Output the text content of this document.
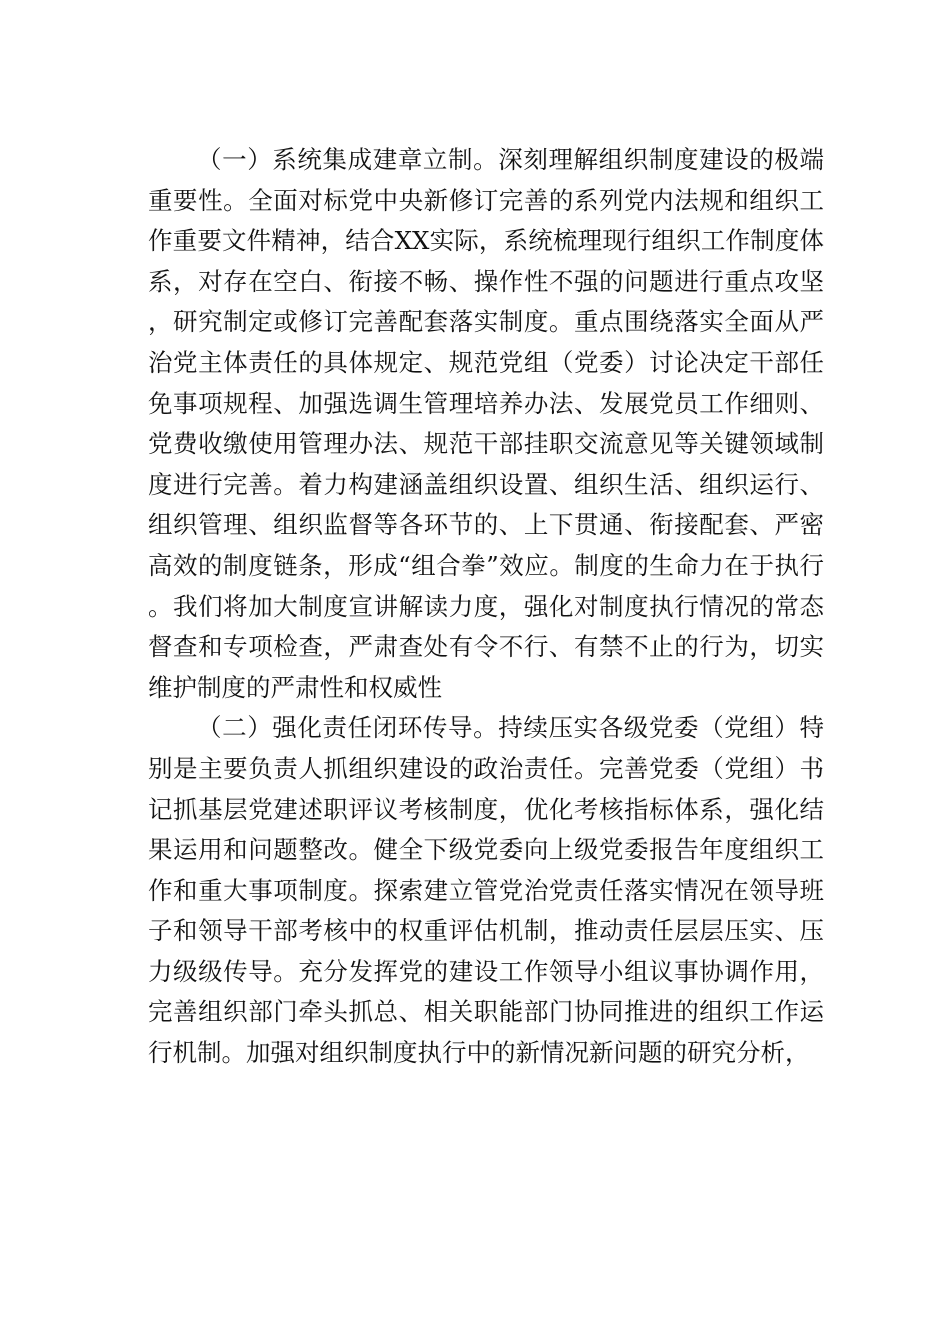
（一）系统集成建章立制。深刻理解组织制度建设的极端重要性。全面对标党中央新修订完善的系列党内法规和组织工作重要文件精神，结合XX实际，系统梳理现行组织工作制度体系，对存在空白、衔接不畅、操作性不强的问题进行重点攻坚，研究制定或修订完善配套落实制度。重点围绕落实全面从严治党主体责任的具体规定、规范党组（党委）讨论决定干部任免事项规程、加强选调生管理培养办法、发展党员工作细则、党费收缴使用管理办法、规范干部挂职交流意见等关键领域制度进行完善。着力构建涵盖组织设置、组织生活、组织运行、组织管理、组织监督等各环节的、上下贯通、衔接配套、严密高效的制度链条，形成“组合拳”效应。制度的生命力在于执行。我们将加大制度宣讲解读力度，强化对制度执行情况的常态督查和专项检查，严肃查处有令不行、有禁不止的行为，切实维护制度的严肃性和权威性

（二）强化责任闭环传导。持续压实各级党委（党组）特别是主要负责人抓组织建设的政治责任。完善党委（党组）书记抓基层党建述职评议考核制度，优化考核指标体系，强化结果运用和问题整改。健全下级党委向上级党委报告年度组织工作和重大事项制度。探索建立管党治党责任落实情况在领导班子和领导干部考核中的权重评估机制，推动责任层层压实、压力级级传导。充分发挥党的建设工作领导小组议事协调作用，完善组织部门牵头抓总、相关职能部门协同推进的组织工作运行机制。加强对组织制度执行中的新情况新问题的研究分析，
